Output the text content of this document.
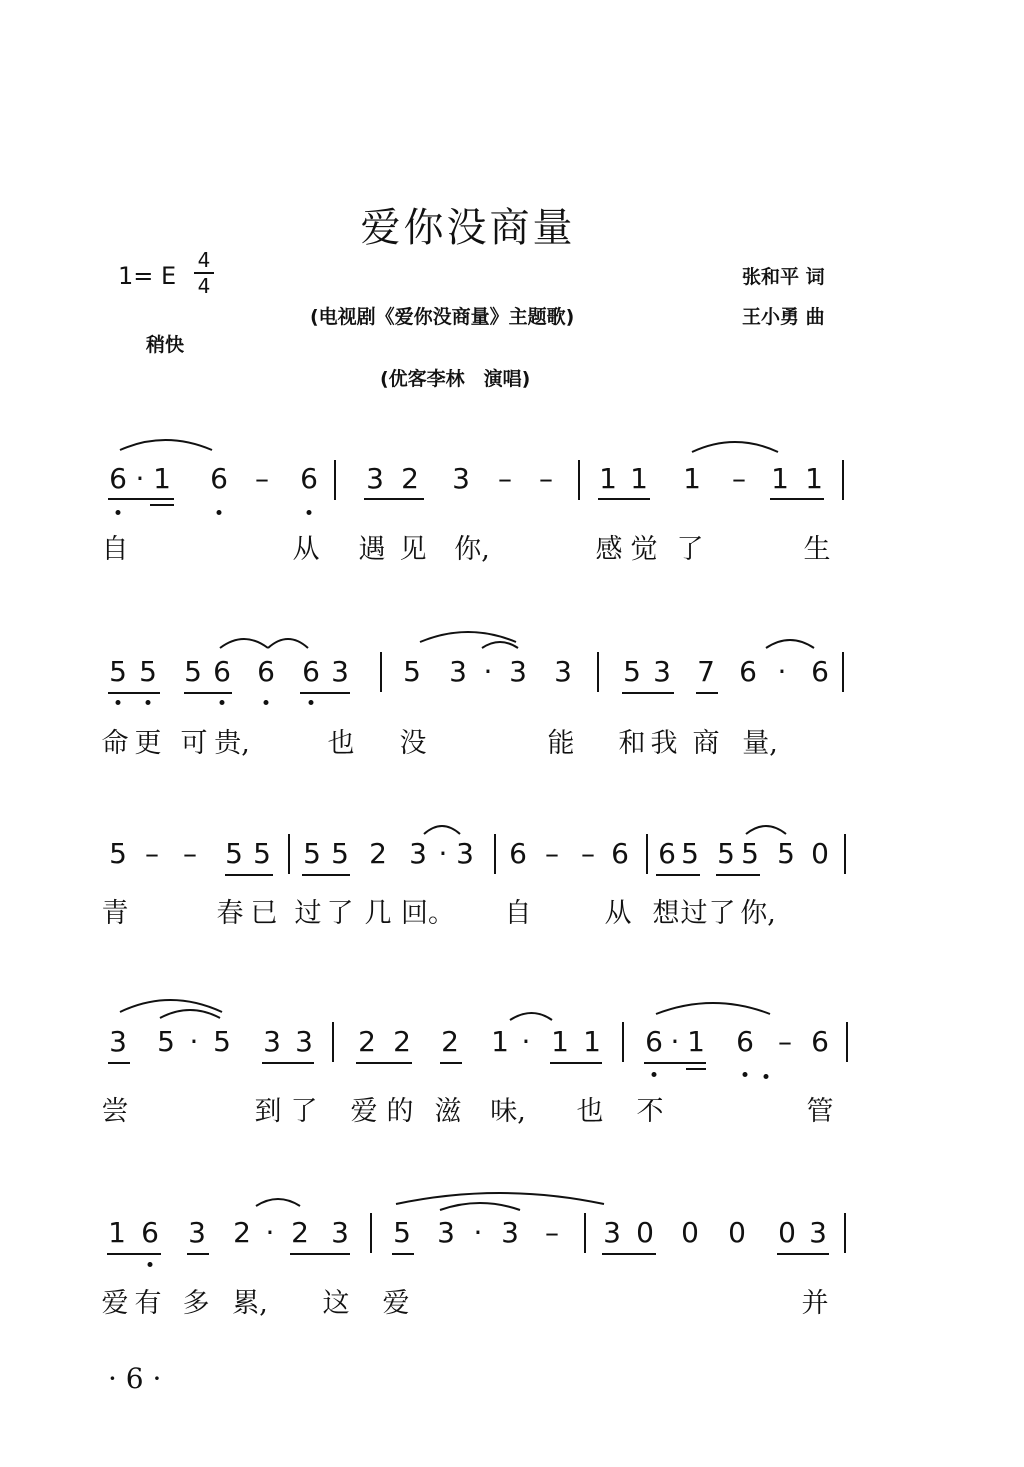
爱你没商量
1= E $\frac{4}{4}$
稍快
(电视剧《爱你没商量》主题歌)
(优客李林　演唱)
张和平 词
王小勇 曲
6 · 1 6 – 6 3 2 3 – – 1 1 1 – 1 1
自	从 遇 见 你,	感 觉 了	生
5 5 5 6 6 6 3 5 3 · 3 3 5 3 7 6 · 6
命 更 可 贵,	也 没	能 和 我 商 量,
5 – – 5 5 5 5 2 3 · 3 6 – – 6 6 5 5 5 5 0
青	春 已 过 了 几 回。 自	从 想 过 了 你,
3 5 · 5 3 3 2 2 2 1 · 1 1 6 · 1 6 – 6
尝	到 了 爱 的 滋 味, 也 不	管
1 6 3 2 · 2 3 5 3 · 3 – 3 0 0 0 0 3
爱 有 多 累, 这 爱	并
· 6 ·
